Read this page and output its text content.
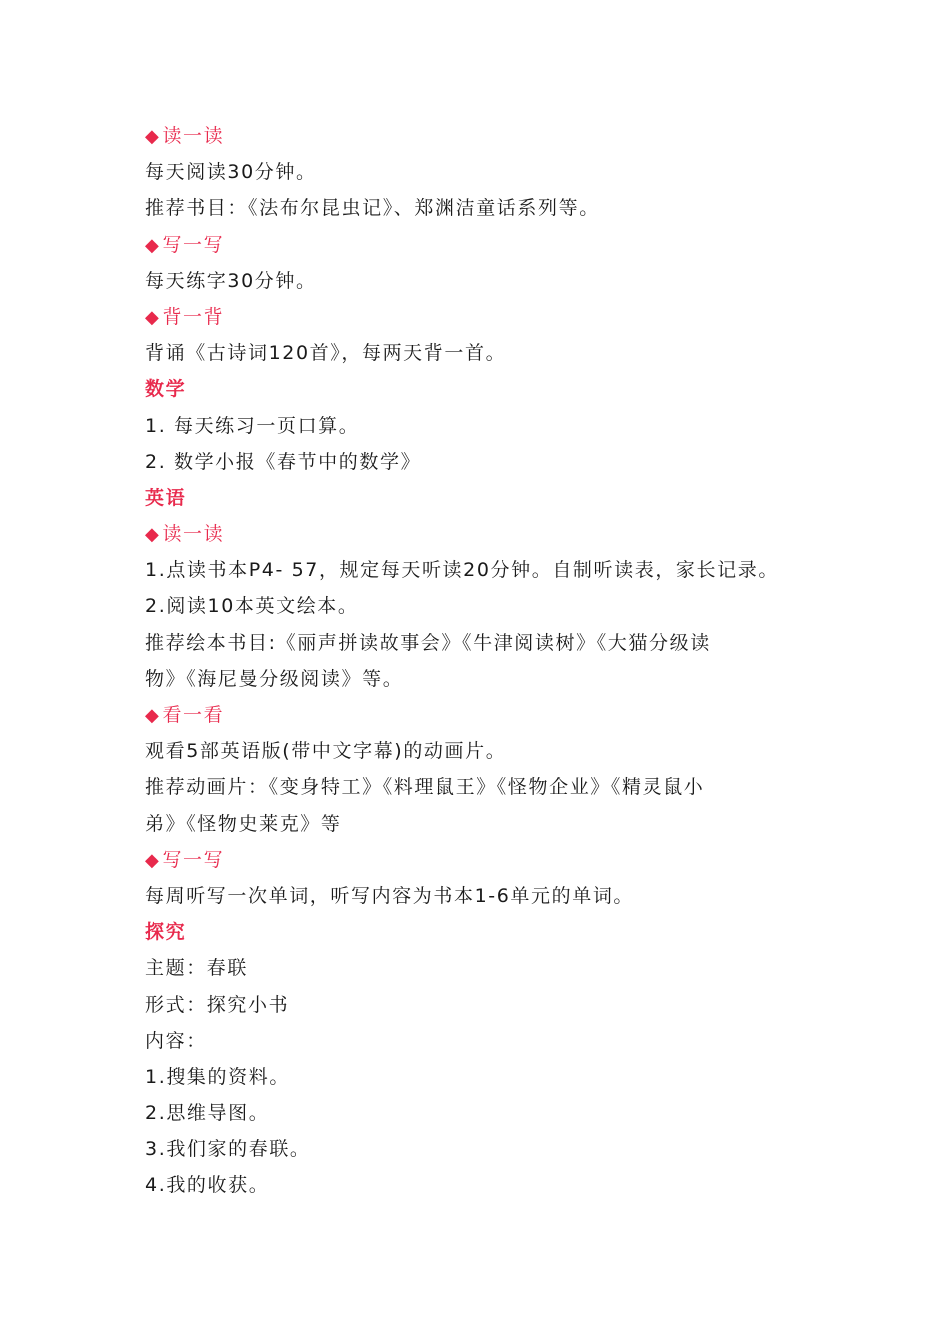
◆ 读一读
每天阅读30分钟。
推荐书目：《法布尔昆虫记》、郑渊洁童话系列等。
◆ 写一写
每天练字30分钟。
◆ 背一背
背诵《古诗词120首》，每两天背一首。
数学
1. 每天练习一页口算。
2. 数学小报《春节中的数学》
英语
◆ 读一读
1.点读书本P4- 57，规定每天听读20分钟。自制听读表，家长记录。
2.阅读10本英文绘本。
推荐绘本书目:《丽声拼读故事会》《牛津阅读树》《大猫分级读
物》《海尼曼分级阅读》等。
◆ 看一看
观看5部英语版(带中文字幕)的动画片。
推荐动画片：《变身特工》《料理鼠王》《怪物企业》《精灵鼠小
弟》《怪物史莱克》等
◆ 写一写
每周听写一次单词，听写内容为书本1-6单元的单词。
探究
主题：春联
形式：探究小书
内容：
1.搜集的资料。
2.思维导图。
3.我们家的春联。
4.我的收获。
